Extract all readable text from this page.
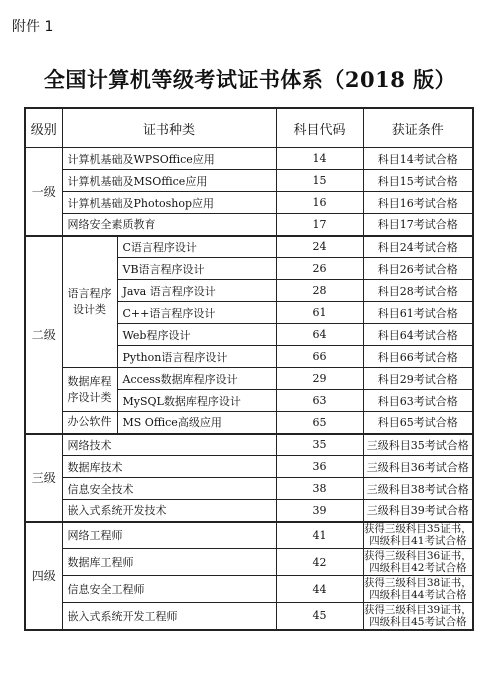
附件 1
全国计算机等级考试证书体系（2018 版）
级别	证书种类		科目代码	获证条件
一级	计算机基础及WPSOffice应用		14	科目14考试合格
	计算机基础及MSOffice应用		15	科目15考试合格
	计算机基础及Photoshop应用		16	科目16考试合格
	网络安全素质教育		17	科目17考试合格
二级	语言程序设计类	C语言程序设计	24	科目24考试合格
		VB语言程序设计	26	科目26考试合格
		Java 语言程序设计	28	科目28考试合格
		C++语言程序设计	61	科目61考试合格
		Web程序设计	64	科目64考试合格
		Python语言程序设计	66	科目66考试合格
	数据库程序设计类	Access数据库程序设计	29	科目29考试合格
		MySQL数据库程序设计	63	科目63考试合格
	办公软件	MS Office高级应用	65	科目65考试合格
三级	网络技术		35	三级科目35考试合格
	数据库技术		36	三级科目36考试合格
	信息安全技术		38	三级科目38考试合格
	嵌入式系统开发技术		39	三级科目39考试合格
四级	网络工程师		41	获得三级科目35证书，四级科目41考试合格
	数据库工程师		42	获得三级科目36证书，四级科目42考试合格
	信息安全工程师		44	获得三级科目38证书，四级科目44考试合格
	嵌入式系统开发工程师		45	获得三级科目39证书，四级科目45考试合格
